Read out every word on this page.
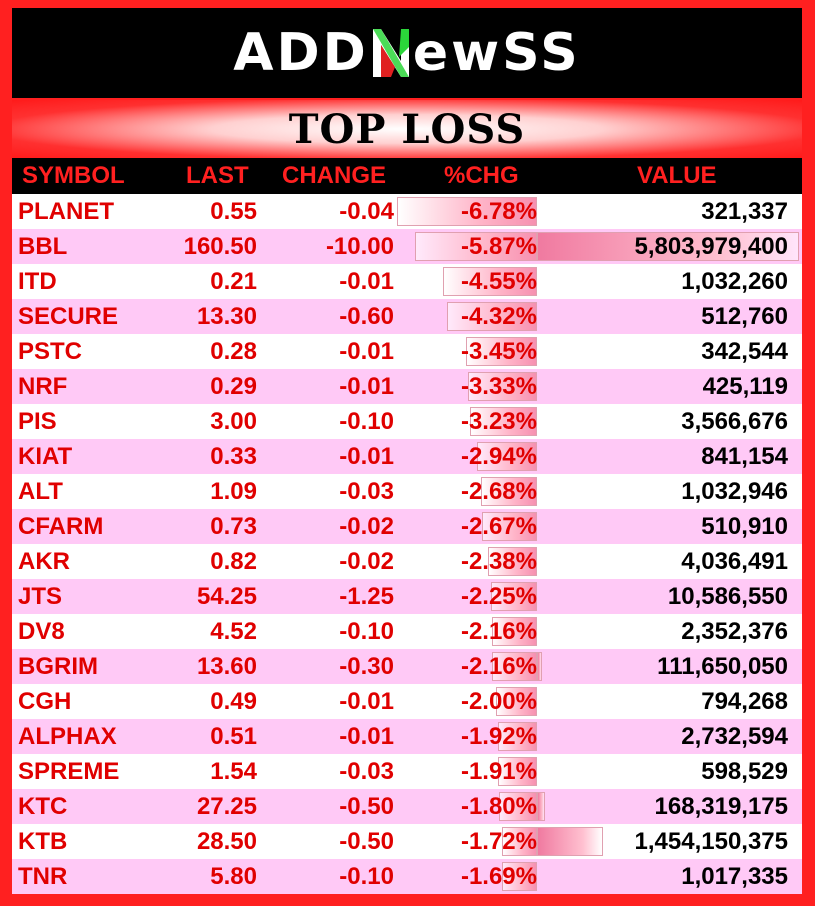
ADD ewSS
TOP LOSS
SYMBOL	LAST	CHANGE	%CHG	VALUE
PLANET	0.55	-0.04	-6.78%	321,337
BBL	160.50	-10.00	-5.87%	5,803,979,400
ITD	0.21	-0.01	-4.55%	1,032,260
SECURE	13.30	-0.60	-4.32%	512,760
PSTC	0.28	-0.01	-3.45%	342,544
NRF	0.29	-0.01	-3.33%	425,119
PIS	3.00	-0.10	-3.23%	3,566,676
KIAT	0.33	-0.01	-2.94%	841,154
ALT	1.09	-0.03	-2.68%	1,032,946
CFARM	0.73	-0.02	-2.67%	510,910
AKR	0.82	-0.02	-2.38%	4,036,491
JTS	54.25	-1.25	-2.25%	10,586,550
DV8	4.52	-0.10	-2.16%	2,352,376
BGRIM	13.60	-0.30	-2.16%	111,650,050
CGH	0.49	-0.01	-2.00%	794,268
ALPHAX	0.51	-0.01	-1.92%	2,732,594
SPREME	1.54	-0.03	-1.91%	598,529
KTC	27.25	-0.50	-1.80%	168,319,175
KTB	28.50	-0.50	-1.72%	1,454,150,375
TNR	5.80	-0.10	-1.69%	1,017,335
